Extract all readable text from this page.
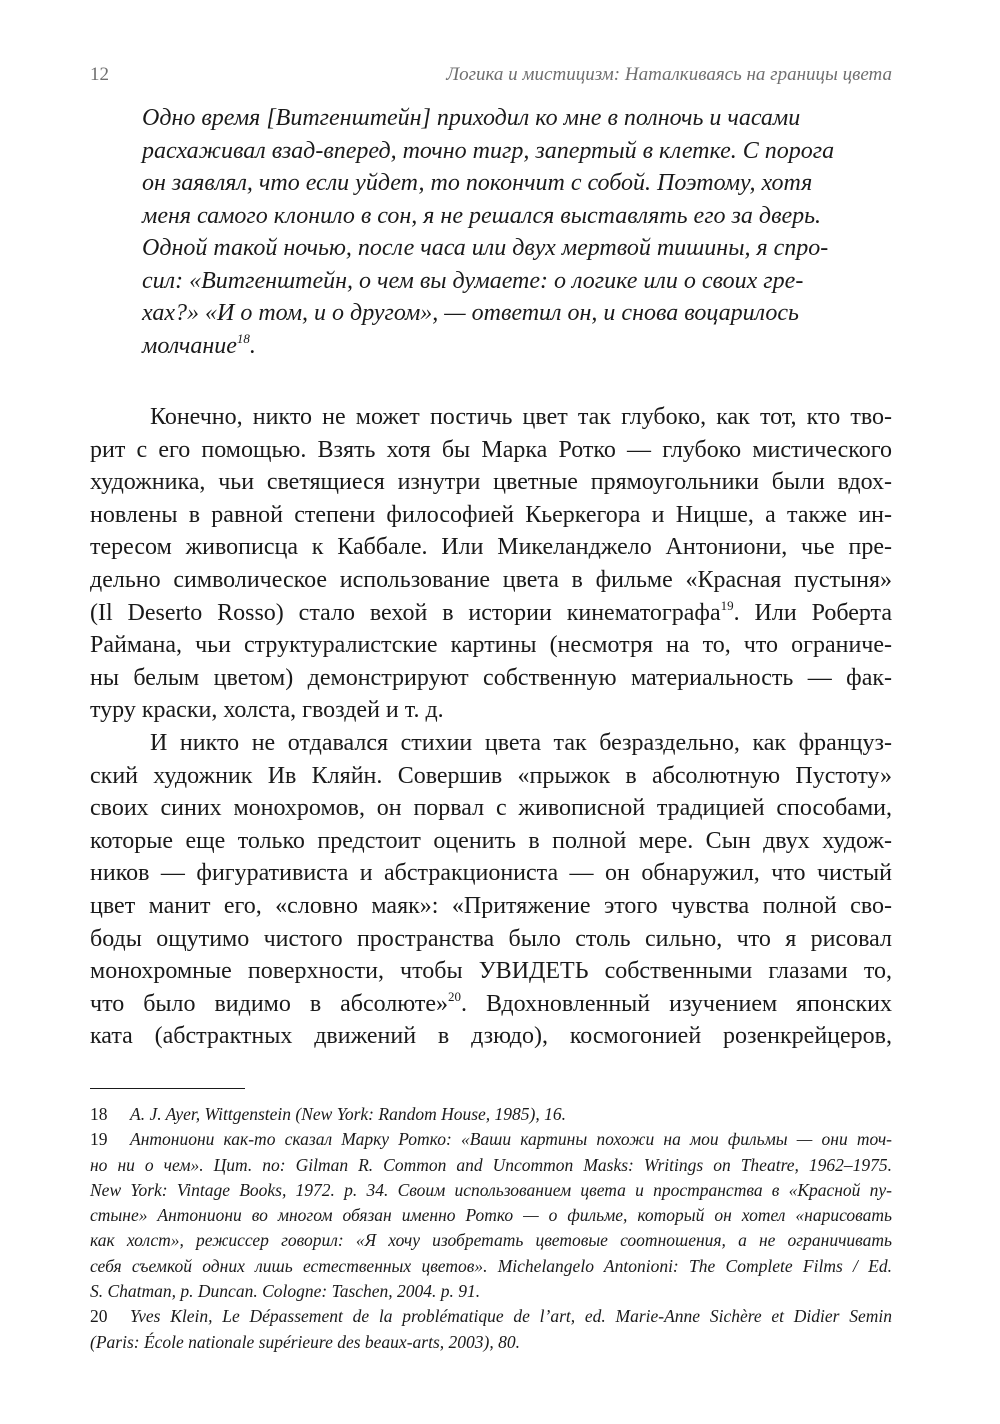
12	Логика и мистицизм: Наталкиваясь на границы цвета
Одно время [Витгенштейн] приходил ко мне в полночь и часами
расхаживал взад-вперед, точно тигр, запертый в клетке. С порога
он заявлял, что если уйдет, то покончит с собой. Поэтому, хотя
меня самого клонило в сон, я не решался выставлять его за дверь.
Одной такой ночью, после часа или двух мертвой тишины, я спро-
сил: «Витгенштейн, о чем вы думаете: о логике или о своих гре-
хах?» «И о том, и о другом», — ответил он, и снова воцарилось
молчание$^{18}$.
Конечно, никто не может постичь цвет так глубоко, как тот, кто тво-
рит с его помощью. Взять хотя бы Марка Ротко — глубоко мистического
художника, чьи светящиеся изнутри цветные прямоугольники были вдох-
новлены в равной степени философией Кьеркегора и Ницше, а также ин-
тересом живописца к Каббале. Или Микеланджело Антониони, чье пре-
дельно символическое использование цвета в фильме «Красная пустыня»
(Il Deserto Rosso) стало вехой в истории кинематографа$^{19}$. Или Роберта
Раймана, чьи структуралистские картины (несмотря на то, что ограниче-
ны белым цветом) демонстрируют собственную материальность — фак-
туру краски, холста, гвоздей и т. д.
И никто не отдавался стихии цвета так безраздельно, как француз-
ский художник Ив Кляйн. Совершив «прыжок в абсолютную Пустоту»
своих синих монохромов, он порвал с живописной традицией способами,
которые еще только предстоит оценить в полной мере. Сын двух худож-
ников — фигуративиста и абстракциониста — он обнаружил, что чистый
цвет манит его, «словно маяк»: «Притяжение этого чувства полной сво-
боды ощутимо чистого пространства было столь сильно, что я рисовал
монохромные поверхности, чтобы УВИДЕТЬ собственными глазами то,
что было видимо в абсолюте»$^{20}$. Вдохновленный изучением японских
ката (абстрактных движений в дзюдо), космогонией розенкрейцеров,
18 A. J. Ayer, Wittgenstein (New York: Random House, 1985), 16.
19 Антониони как-то сказал Марку Ротко: «Ваши картины похожи на мои фильмы — они точ-
но ни о чем». Цит. по: Gilman R. Common and Uncommon Masks: Writings on Theatre, 1962–1975.
New York: Vintage Books, 1972. p. 34. Своим использованием цвета и пространства в «Красной пу-
стыне» Антониони во многом обязан именно Ротко — о фильме, который он хотел «нарисовать
как холст», режиссер говорил: «Я хочу изобретать цветовые соотношения, а не ограничивать
себя съемкой одних лишь естественных цветов». Michelangelo Antonioni: The Complete Films / Ed.
S. Chatman, p. Duncan. Cologne: Taschen, 2004. p. 91.
20 Yves Klein, Le Dépassement de la problématique de l’art, ed. Marie-Anne Sichère et Didier Semin
(Paris: École nationale supérieure des beaux-arts, 2003), 80.
